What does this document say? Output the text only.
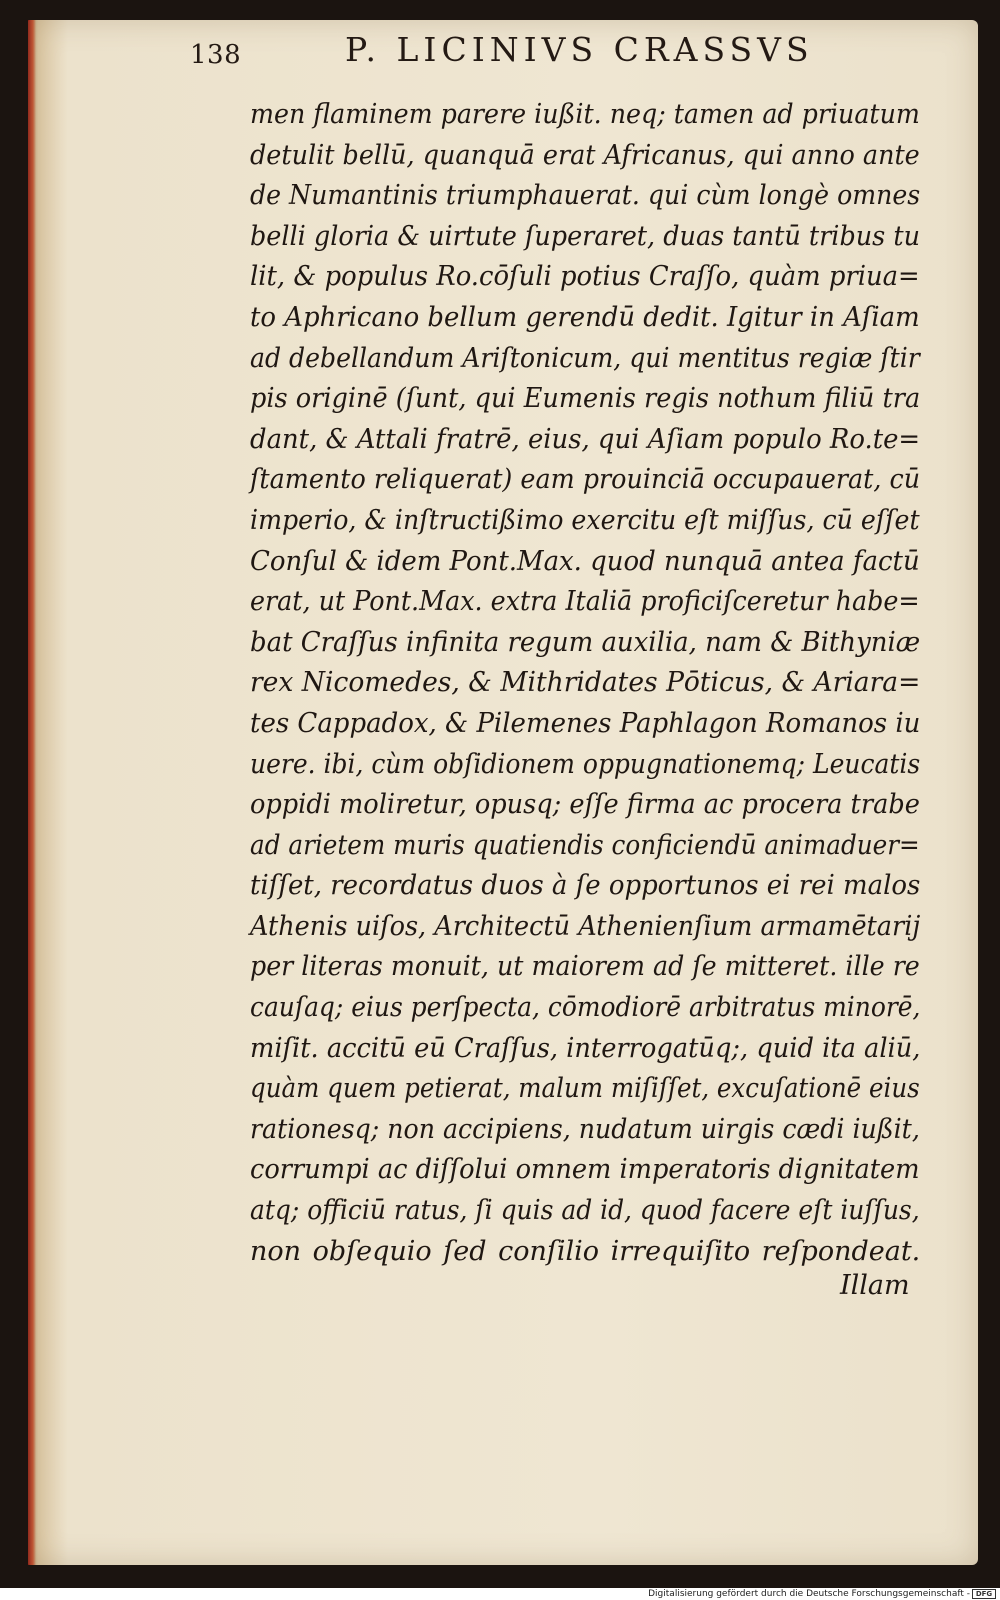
138	P. LICINIVS CRASSVS
men flaminem parere iußit. neq; tamen ad priuatum
detulit bellū, quanquā erat Africanus, qui anno ante
de Numantinis triumphauerat. qui cùm longè omnes
belli gloria & uirtute ſuperaret, duas tantū tribus tu
lit, & populus Ro.cōſuli potius Craſſo, quàm priua=
to Aphricano bellum gerendū dedit. Igitur in Aſiam
ad debellandum Ariſtonicum, qui mentitus regiæ ſtir
pis originē (ſunt, qui Eumenis regis nothum filiū tra
dant, & Attali fratrē, eius, qui Aſiam populo Ro.te=
ſtamento reliquerat) eam prouinciā occupauerat, cū
imperio, & inſtructißimo exercitu eſt miſſus, cū eſſet
Conſul & idem Pont.Max. quod nunquā antea factū
erat, ut Pont.Max. extra Italiā proficiſceretur habe=
bat Craſſus infinita regum auxilia, nam & Bithyniæ
rex Nicomedes, & Mithridates Pōticus, & Ariara=
tes Cappadox, & Pilemenes Paphlagon Romanos iu
uere. ibi, cùm obſidionem oppugnationemq; Leucatis
oppidi moliretur, opusq; eſſe firma ac procera trabe
ad arietem muris quatiendis conficiendū animaduer=
tiſſet, recordatus duos à ſe opportunos ei rei malos
Athenis uiſos, Architectū Athenienſium armamētarij
per literas monuit, ut maiorem ad ſe mitteret. ille re
cauſaq; eius perſpecta, cōmodiorē arbitratus minorē,
miſit. accitū eū Craſſus, interrogatūq;, quid ita aliū,
quàm quem petierat, malum miſiſſet, excuſationē eius
rationesq; non accipiens, nudatum uirgis cædi iußit,
corrumpi ac diſſolui omnem imperatoris dignitatem
atq; officiū ratus, ſi quis ad id, quod facere eſt iuſſus,
non obſequio ſed conſilio irrequiſito reſpondeat.
Illam
Digitalisierung gefördert durch die Deutsche Forschungsgemeinschaft - DFG
